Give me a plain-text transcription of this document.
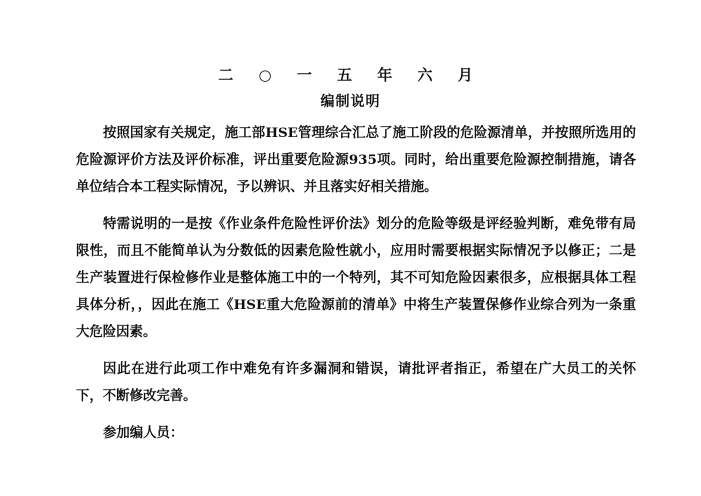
二 ○ 一 五 年 六 月
编制说明

按照国家有关规定，施工部HSE管理综合汇总了施工阶段的危险源清单，并按照所选用的危险源评价方法及评价标准，评出重要危险源935项。同时，给出重要危险源控制措施，请各单位结合本工程实际情况，予以辨识、并且落实好相关措施。

特需说明的一是按《作业条件危险性评价法》划分的危险等级是评经验判断，难免带有局限性，而且不能简单认为分数低的因素危险性就小，应用时需要根据实际情况予以修正；二是生产装置进行保检修作业是整体施工中的一个特列，其不可知危险因素很多，应根据具体工程具体分析，，因此在施工《HSE重大危险源前的清单》中将生产装置保修作业综合列为一条重大危险因素。

因此在进行此项工作中难免有许多漏洞和错误，请批评者指正，希望在广大员工的关怀下，不断修改完善。

参加编人员：
